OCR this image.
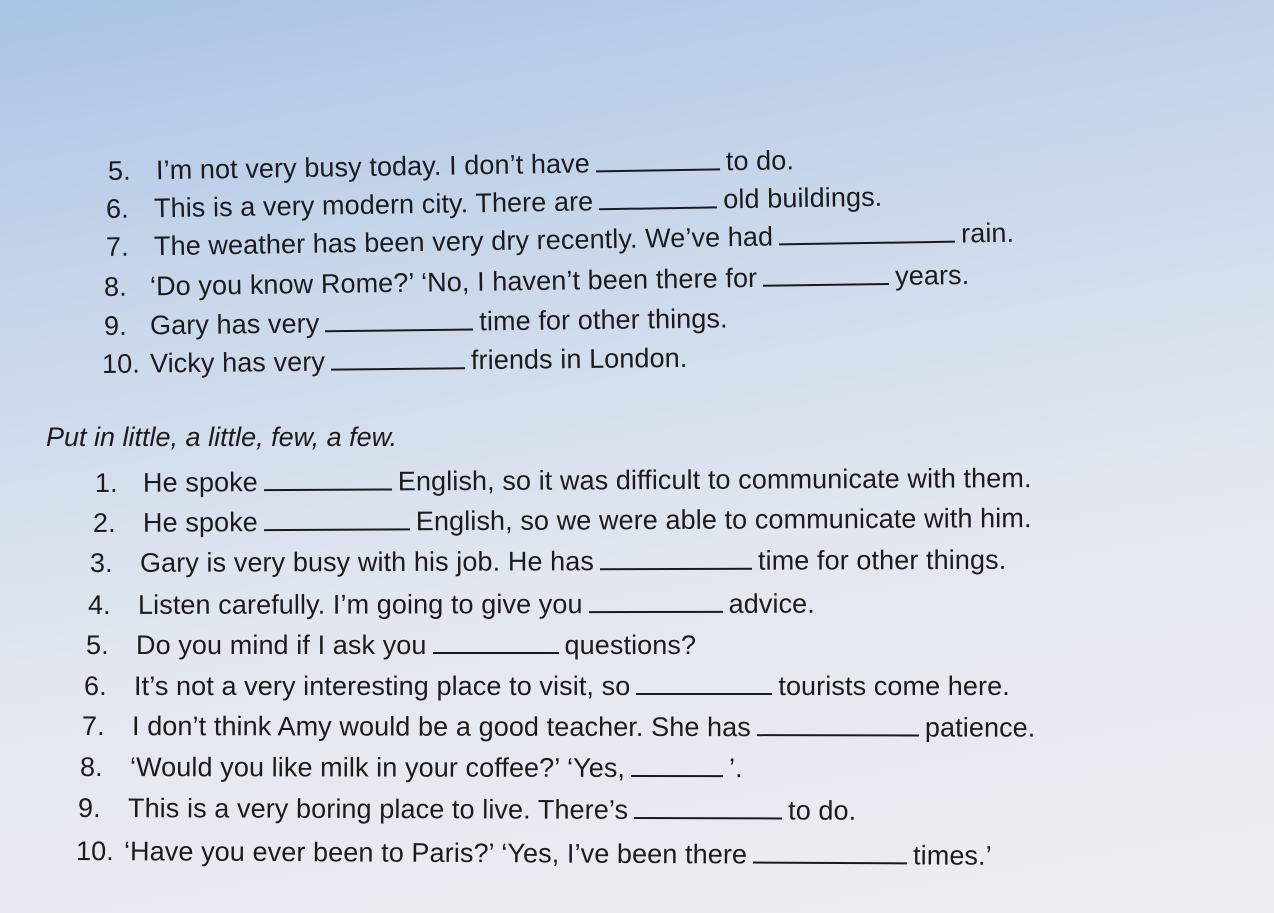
5. I’m not very busy today. I don’t have	to do.
6. This is a very modern city. There are	old buildings.
7. The weather has been very dry recently. We’ve had	rain.
8. ‘Do you know Rome?’ ‘No, I haven’t been there for	years.
9. Gary has very	time for other things.
10. Vicky has very	friends in London.
Put in little, a little, few, a few.
1. He spoke	English, so it was difficult to communicate with them.
2. He spoke	English, so we were able to communicate with him.
3. Gary is very busy with his job. He has	time for other things.
4. Listen carefully. I’m going to give you	advice.
5. Do you mind if I ask you	questions?
6. It’s not a very interesting place to visit, so	tourists come here.
7. I don’t think Amy would be a good teacher. She has	patience.
8. ‘Would you like milk in your coffee?’ ‘Yes,	’.
9. This is a very boring place to live. There’s	to do.
10. ‘Have you ever been to Paris?’ ‘Yes, I’ve been there	times.’
